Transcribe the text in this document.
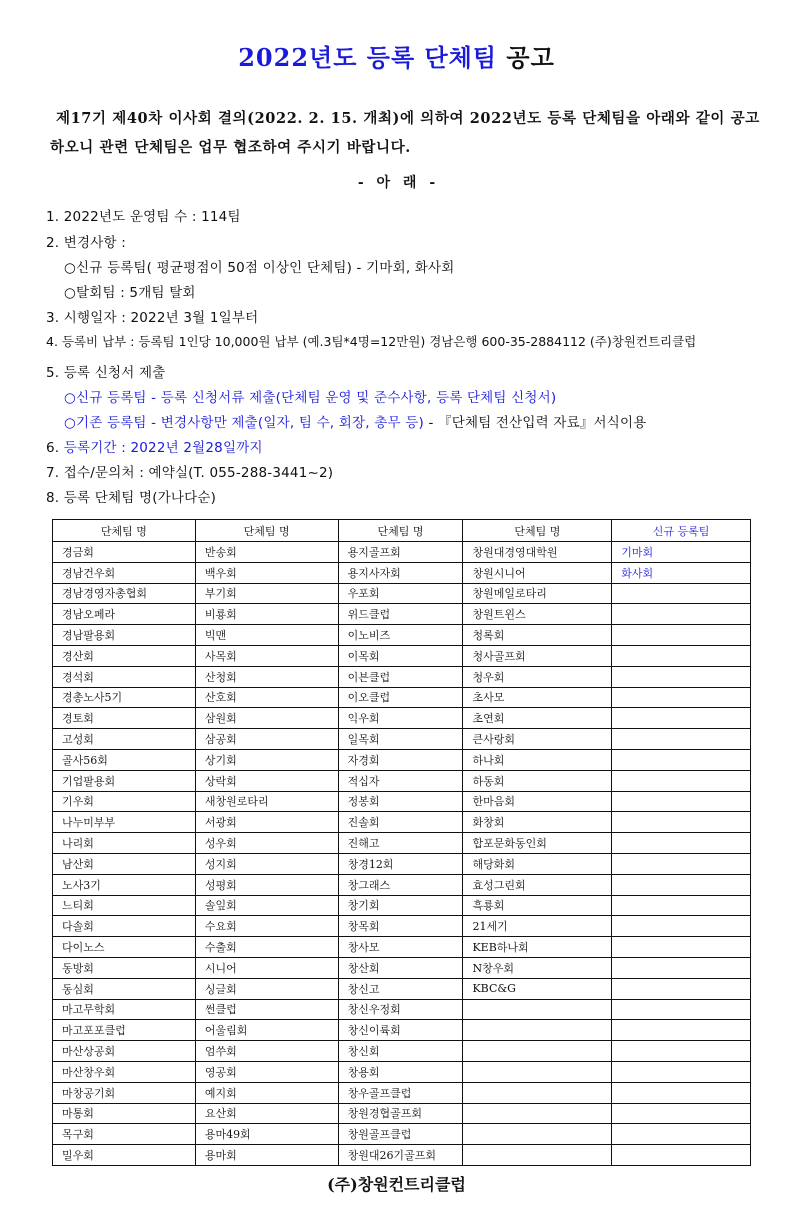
2022년도 등록 단체팀 공고
제17기 제40차 이사회 결의(2022. 2. 15. 개최)에 의하여 2022년도 등록 단체팀을 아래와 같이 공고하오니 관련 단체팀은 업무 협조하여 주시기 바랍니다.
- 아 래 -
1. 2022년도 운영팀 수 : 114팀
2. 변경사항 :
○신규 등록팀( 평균평점이 50점 이상인 단체팀) - 기마회, 화사회
○탈회팀 : 5개팀 탈회
3. 시행일자 : 2022년 3월 1일부터
4. 등록비 납부 : 등록팀 1인당 10,000원 납부 (예.3팀*4명=12만원) 경남은행 600-35-2884112 (주)창원컨트리클럽
5. 등록 신청서 제출
○신규 등록팀 - 등록 신청서류 제출(단체팀 운영 및 준수사항, 등록 단체팀 신청서)
○기존 등록팀 - 변경사항만 제출(일자, 팀 수, 회장, 총무 등) - 『단체팀 전산입력 자료』서식이용
6. 등록기간 : 2022년 2월28일까지
7. 접수/문의처 : 예약실(T. 055-288-3441~2)
8. 등록 단체팀 명(가나다순)
단체팀 명	단체팀 명	단체팀 명	단체팀 명	신규 등록팀
경금회	반송회	용지골프회	창원대경영대학원	기마회
경남건우회	백우회	용지사자회	창원시니어	화사회
경남경영자총협회	부기회	우포회	창원메일로타리	
경남오페라	비룡회	위드클럽	창원트윈스	
경남팔용회	빅맨	이노비즈	청록회	
경산회	사목회	이목회	청사골프회	
경석회	산청회	이븐클럽	청우회	
경총노사5기	산호회	이오클럽	초사모	
경토회	삼원회	익우회	초연회	
고성회	삼공회	일목회	큰사랑회	
골사56회	상기회	자경회	하나회	
기업팔용회	상락회	적십자	하동회	
기우회	새창원로타리	정봉회	한마음회	
나누미부부	서광회	진솔회	화창회	
나리회	성우회	진해고	합포문화동인회	
남산회	성지회	창경12회	해당화회	
노사3기	성평회	창그래스	효성그린회	
느티회	솔잎회	창기회	흑룡회	
다솔회	수요회	창목회	21세기	
다이노스	수출회	창사모	KEB하나회	
동방회	시니어	창산회	N창우회	
동심회	싱글회	창신고	KBC&G	
마고무학회	썬클럽	창신우정회		
마고포포클럽	어울림회	창신이륙회		
마산상공회	엄쑤회	창신회		
마산창우회	영공회	창용회		
마창공기회	예지회	창우골프클럽		
마통회	요산회	창원경협골프회		
목구회	용마49회	창원골프클럽		
밀우회	용마회	창원대26기골프회		
(주)창원컨트리클럽
